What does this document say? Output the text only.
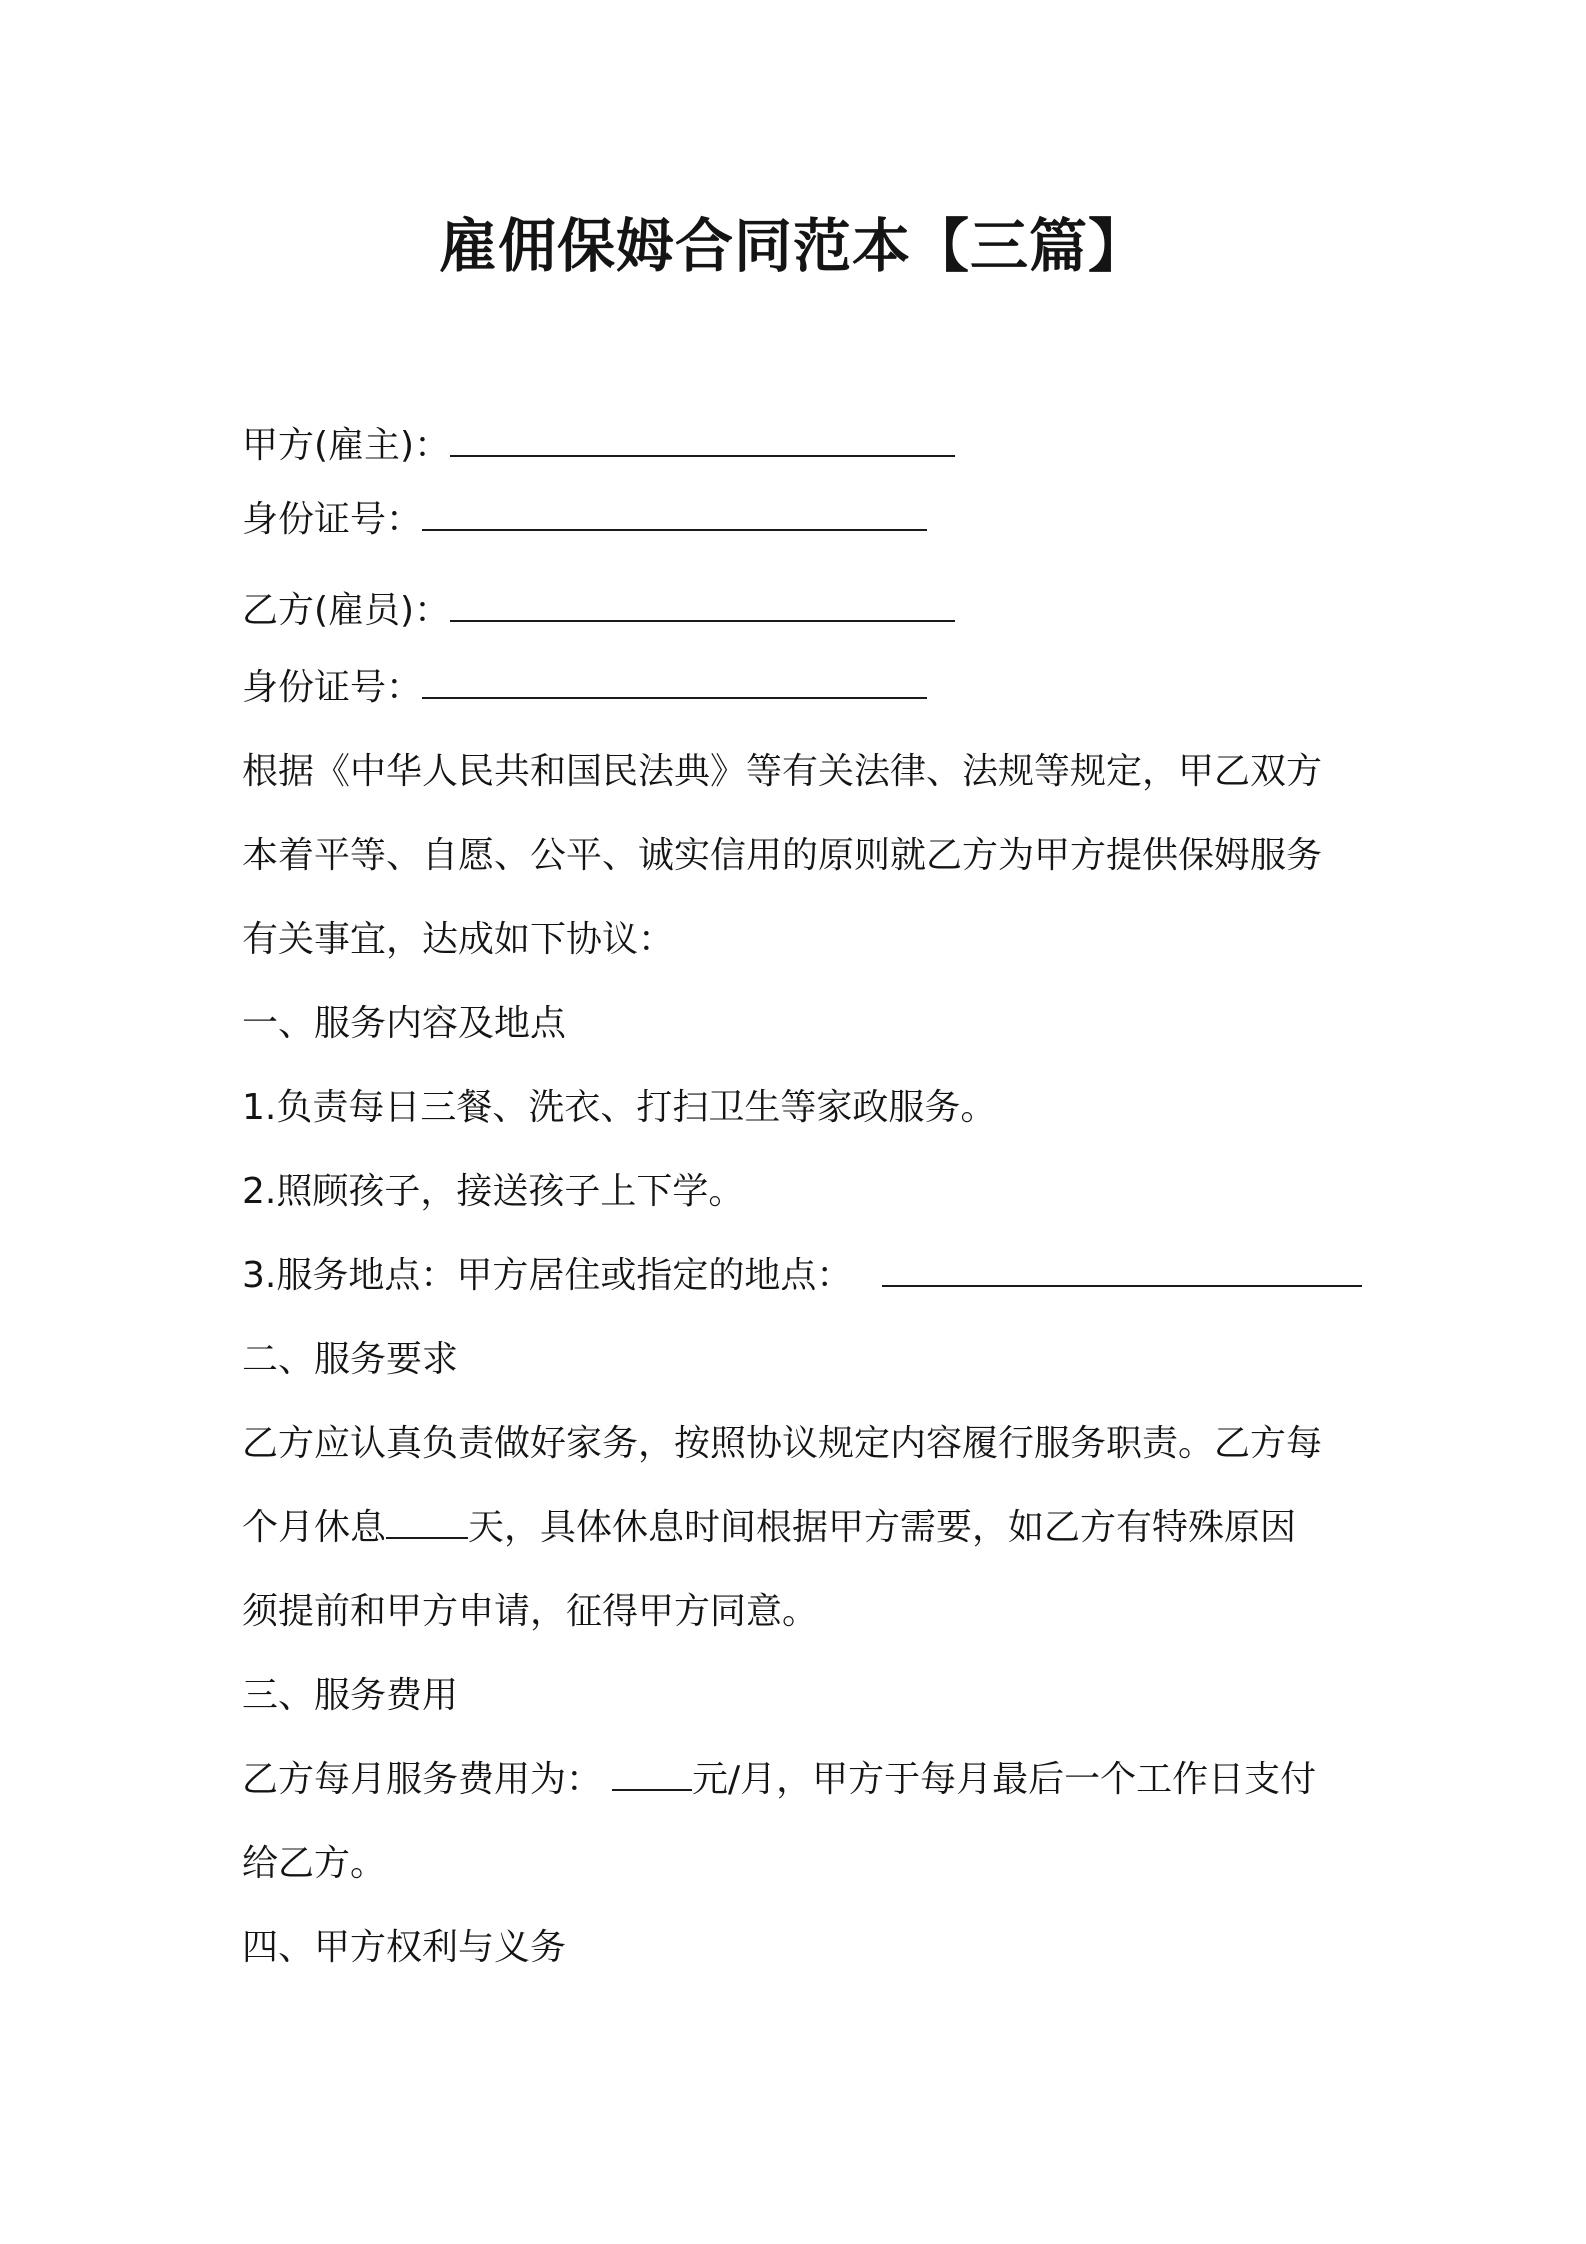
雇佣保姆合同范本【三篇】
甲方(雇主)：
身份证号：
乙方(雇员)：
身份证号：
根据《中华人民共和国民法典》等有关法律、法规等规定，甲乙双方
本着平等、自愿、公平、诚实信用的原则就乙方为甲方提供保姆服务
有关事宜，达成如下协议：
一、服务内容及地点
1.负责每日三餐、洗衣、打扫卫生等家政服务。
2.照顾孩子，接送孩子上下学。
3.服务地点：甲方居住或指定的地点：
二、服务要求
乙方应认真负责做好家务，按照协议规定内容履行服务职责。乙方每
个月休息 天，具体休息时间根据甲方需要，如乙方有特殊原因
须提前和甲方申请，征得甲方同意。
三、服务费用
乙方每月服务费用为：	元/月，甲方于每月最后一个工作日支付
给乙方。
四、甲方权利与义务
